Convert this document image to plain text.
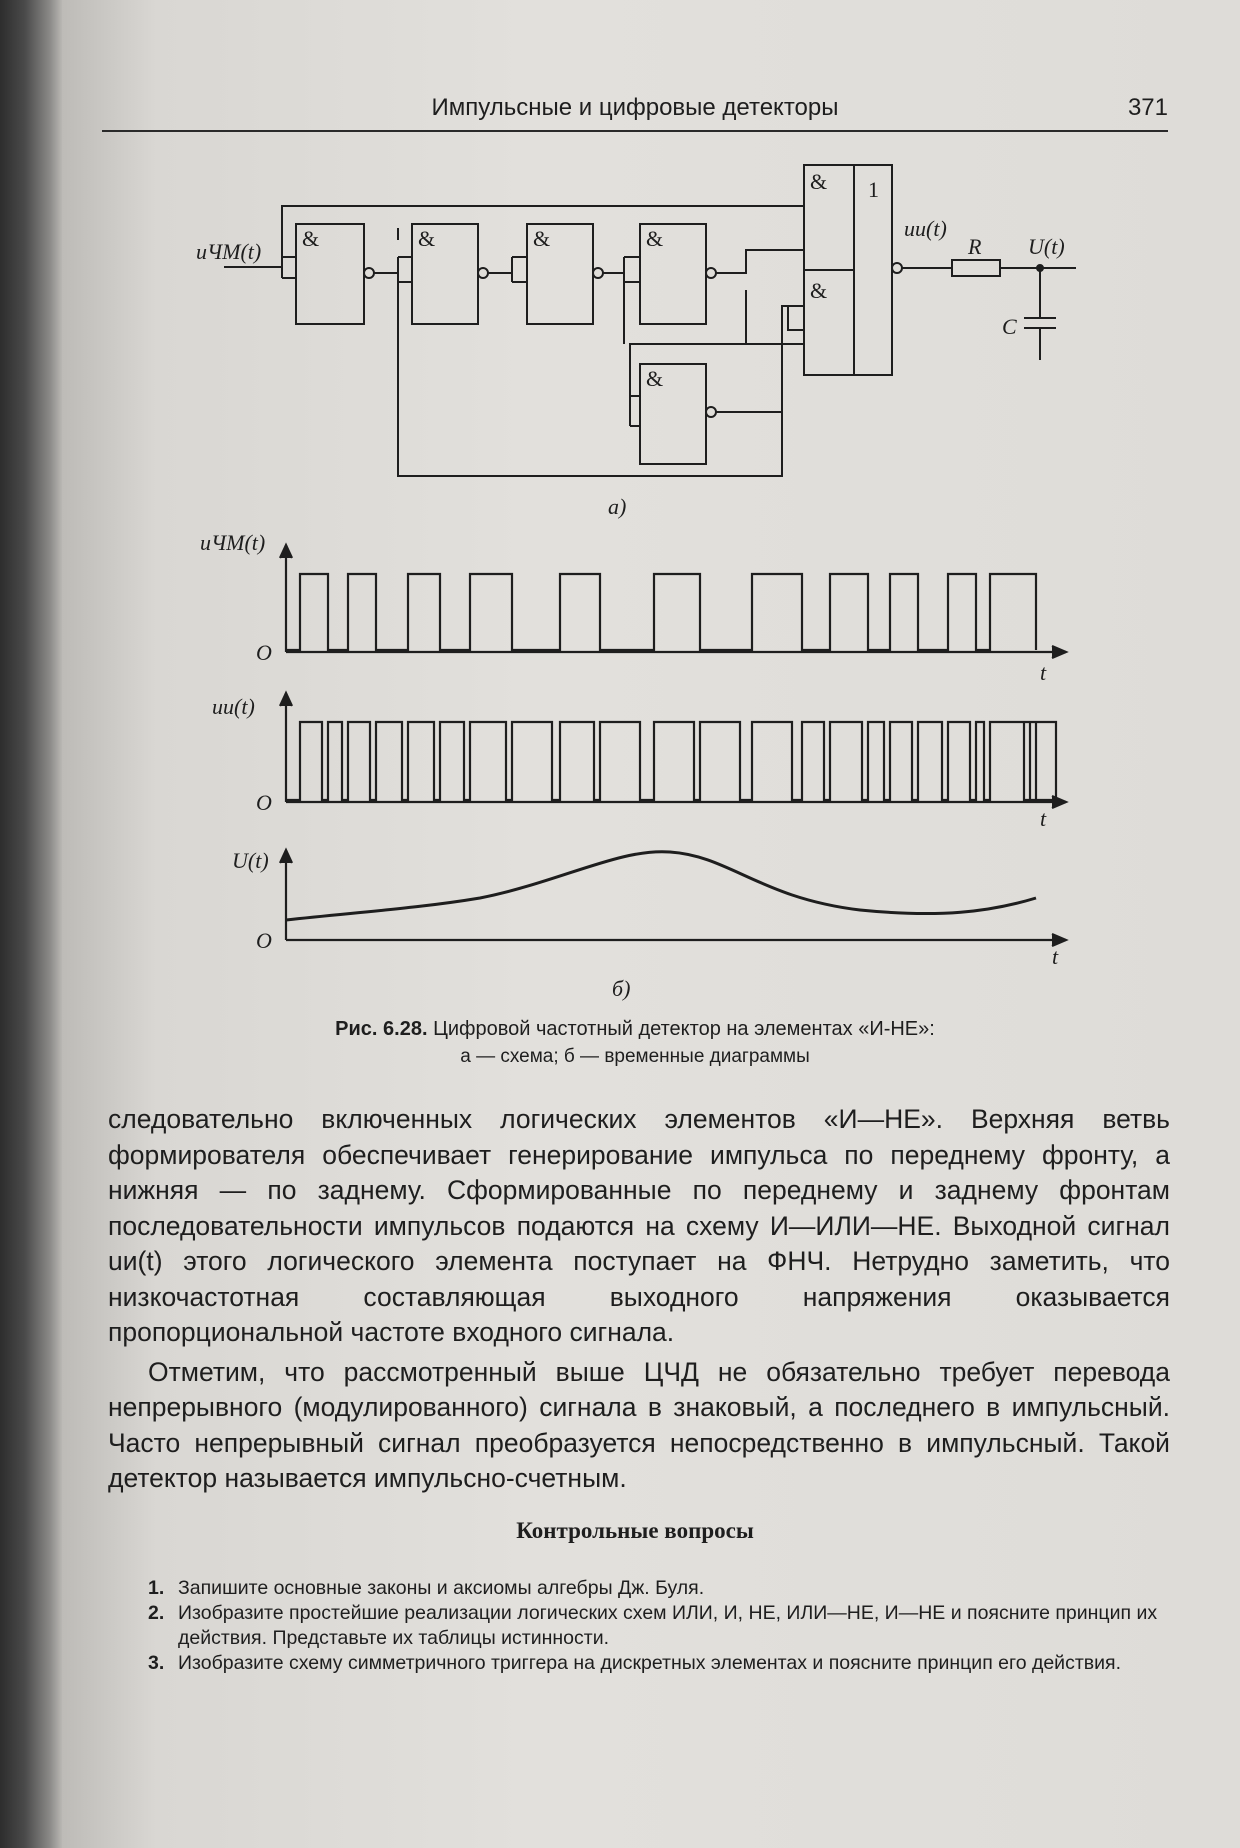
Импульсные и цифровые детекторы	371
uЧМ(t)
&	&	&	&
&
&
1
&
uи(t)
R U(t)
C
а)
uЧМ(t)
O
t
uи(t)
O
t
U(t)
O
t
б)
Рис. 6.28. Цифровой частотный детектор на элементах «И-НЕ»:
а — схема; б — временные диаграммы

следовательно включенных логических элементов «И—НЕ». Верхняя ветвь формирователя обеспечивает генерирование импульса по переднему фронту, а нижняя — по заднему. Сформированные по переднему и заднему фронтам последовательности импульсов подаются на схему И—ИЛИ—НЕ. Выходной сигнал uи(t) этого логического элемента поступает на ФНЧ. Нетрудно заметить, что низкочастотная составляющая выходного напряжения оказывается пропорциональной частоте входного сигнала.

Отметим, что рассмотренный выше ЦЧД не обязательно требует перевода непрерывного (модулированного) сигнала в знаковый, а последнего в импульсный. Часто непрерывный сигнал преобразуется непосредственно в импульсный. Такой детектор называется импульсно-счетным.

Контрольные вопросы
1. Запишите основные законы и аксиомы алгебры Дж. Буля.
2. Изобразите простейшие реализации логических схем ИЛИ, И, НЕ, ИЛИ—НЕ, И—НЕ и поясните принцип их действия. Представьте их таблицы истинности.
3. Изобразите схему симметричного триггера на дискретных элементах и поясните принцип его действия.
